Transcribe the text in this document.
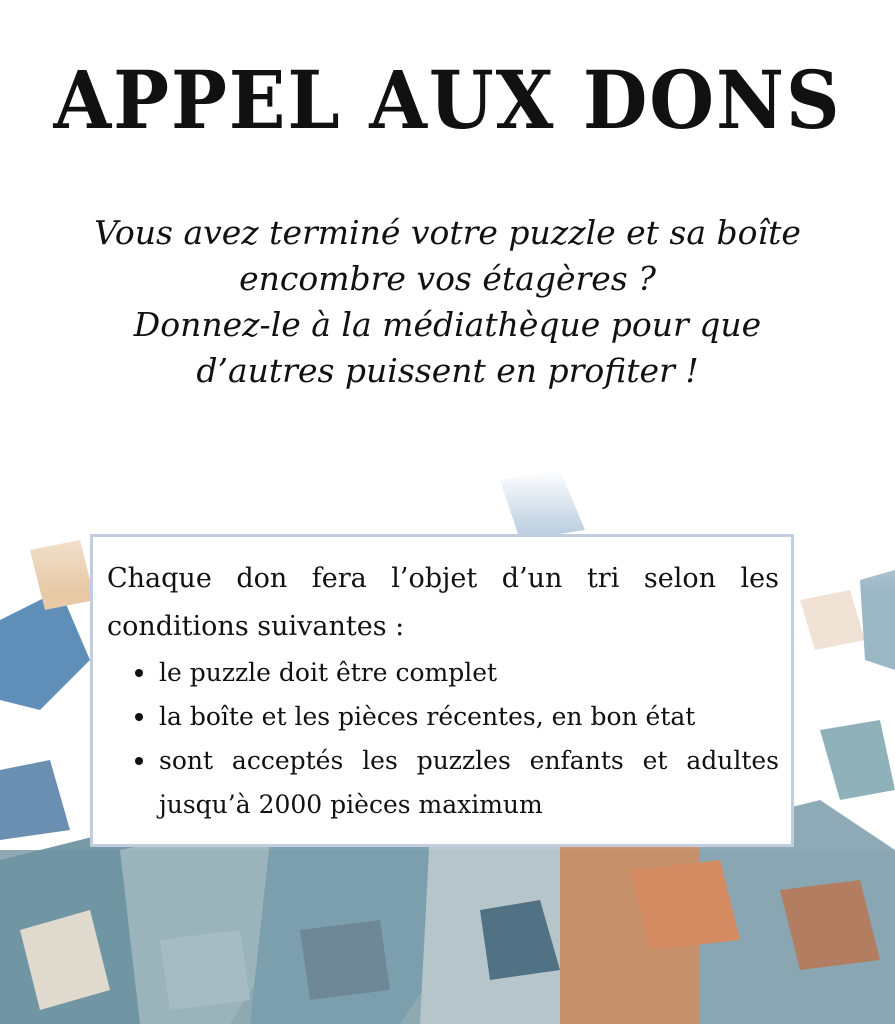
APPEL AUX DONS
Vous avez terminé votre puzzle et sa boîte
encombre vos étagères ?
Donnez-le à la médiathèque pour que
d’autres puissent en profiter !

Chaque don fera l’objet d’un tri selon les conditions suivantes :

le puzzle doit être complet
la boîte et les pièces récentes, en bon état
sont acceptés les puzzles enfants et adultes jusqu’à 2000 pièces maximum
